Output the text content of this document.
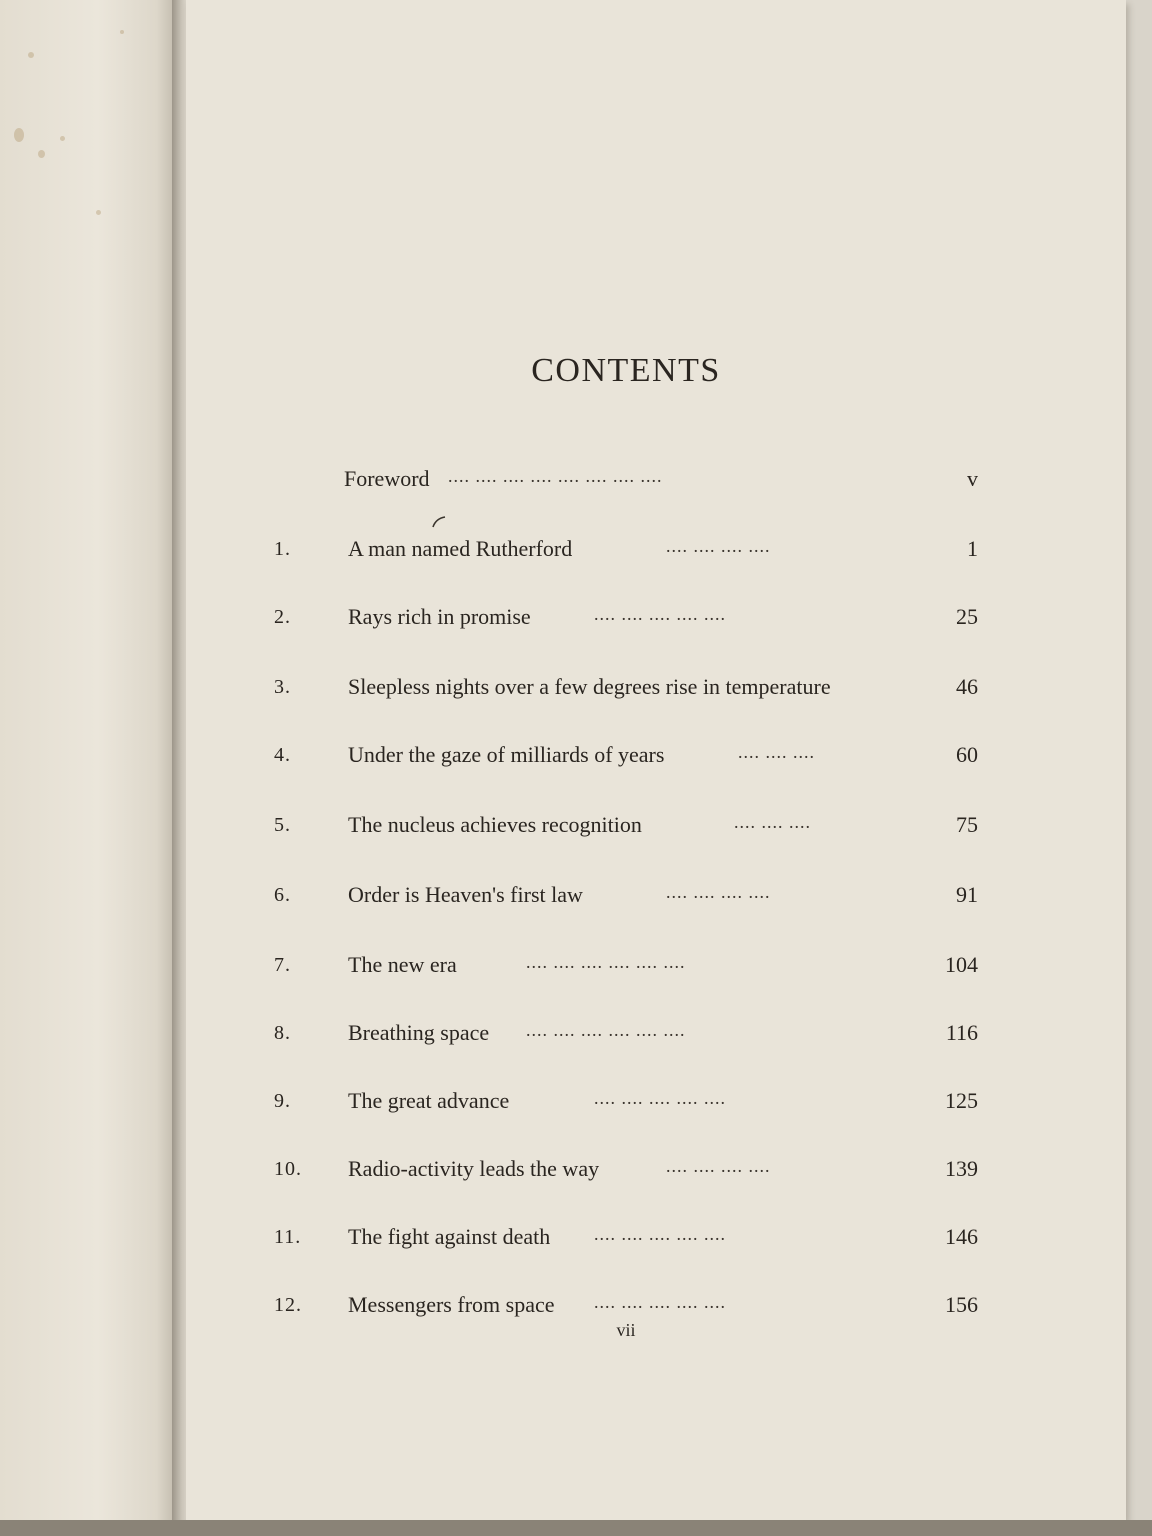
CONTENTS
Foreword .... .... .... .... .... .... .... ....	v
1.	A man named Rutherford	.... .... .... ....	1
2.	Rays rich in promise	.... .... .... .... ....	25
3.	Sleepless nights over a few degrees rise in temperature	46
4.	Under the gaze of milliards of years	.... .... ....	60
5.	The nucleus achieves recognition	.... .... ....	75
6.	Order is Heaven's first law	.... .... .... ....	91
7.	The new era	.... .... .... .... .... ....	104
8.	Breathing space .... .... .... .... .... ....	116
9.	The great advance	.... .... .... .... ....	125
10.	Radio-activity leads the way	.... .... .... ....	139
11.	The fight against death .... .... .... .... ....	146
12.	Messengers from space .... .... .... .... ....	156
vii
